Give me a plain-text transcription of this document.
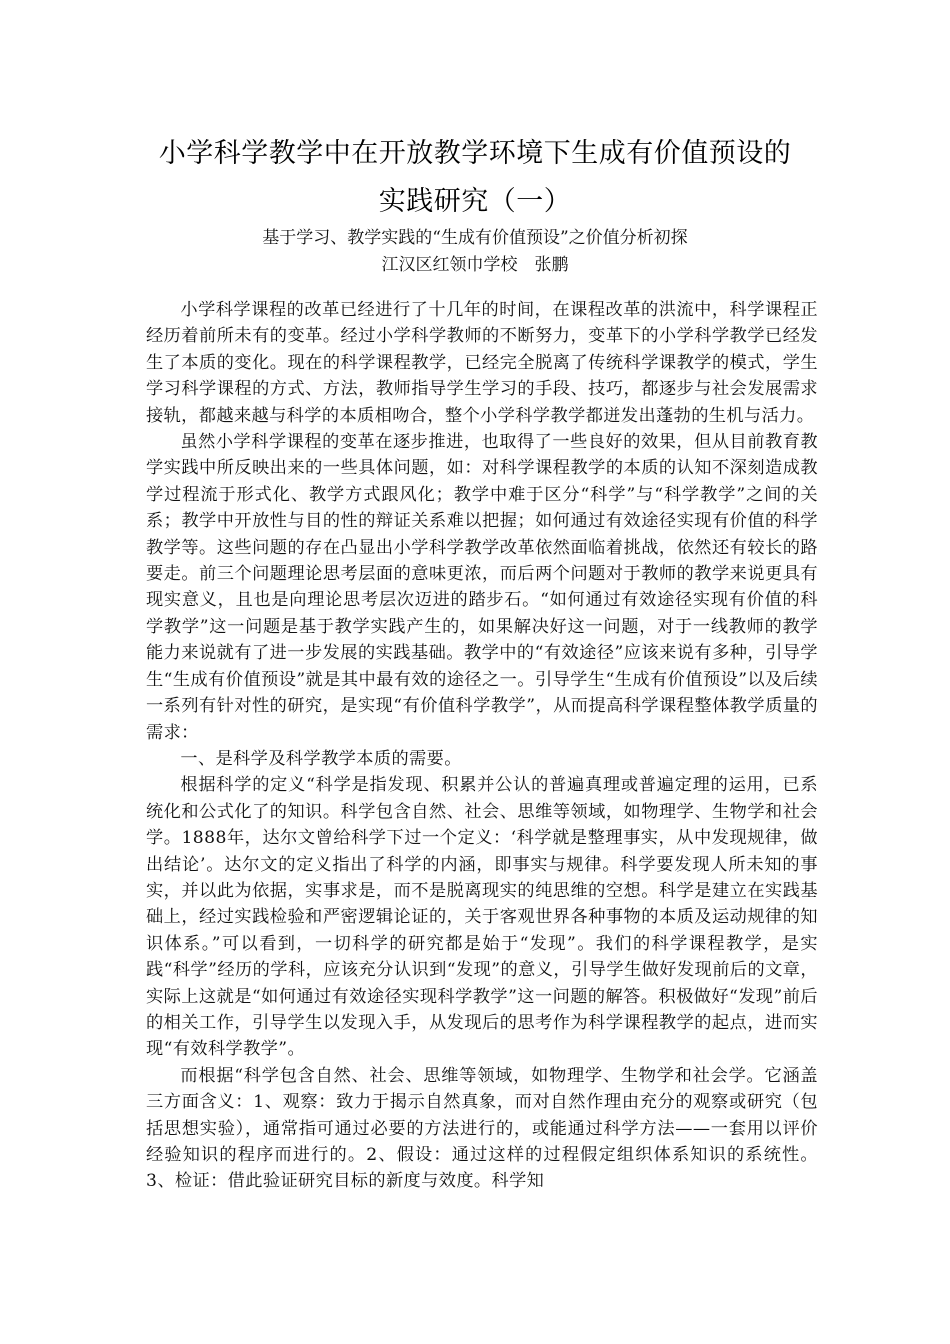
小学科学教学中在开放教学环境下生成有价值预设的
实践研究（一）
基于学习、教学实践的“生成有价值预设”之价值分析初探
江汉区红领巾学校　张鹏

小学科学课程的改革已经进行了十几年的时间，在课程改革的洪流中，科学课程正经历着前所未有的变革。经过小学科学教师的不断努力，变革下的小学科学教学已经发生了本质的变化。现在的科学课程教学，已经完全脱离了传统科学课教学的模式，学生学习科学课程的方式、方法，教师指导学生学习的手段、技巧，都逐步与社会发展需求接轨，都越来越与科学的本质相吻合，整个小学科学教学都迸发出蓬勃的生机与活力。

虽然小学科学课程的变革在逐步推进，也取得了一些良好的效果，但从目前教育教学实践中所反映出来的一些具体问题，如：对科学课程教学的本质的认知不深刻造成教学过程流于形式化、教学方式跟风化；教学中难于区分“科学”与“科学教学”之间的关系；教学中开放性与目的性的辩证关系难以把握；如何通过有效途径实现有价值的科学教学等。这些问题的存在凸显出小学科学教学改革依然面临着挑战，依然还有较长的路要走。前三个问题理论思考层面的意味更浓，而后两个问题对于教师的教学来说更具有现实意义，且也是向理论思考层次迈进的踏步石。“如何通过有效途径实现有价值的科学教学”这一问题是基于教学实践产生的，如果解决好这一问题，对于一线教师的教学能力来说就有了进一步发展的实践基础。教学中的“有效途径”应该来说有多种，引导学生“生成有价值预设”就是其中最有效的途径之一。引导学生“生成有价值预设”以及后续一系列有针对性的研究，是实现“有价值科学教学”，从而提高科学课程整体教学质量的需求：

一、是科学及科学教学本质的需要。

根据科学的定义“科学是指发现、积累并公认的普遍真理或普遍定理的运用，已系统化和公式化了的知识。科学包含自然、社会、思维等领域，如物理学、生物学和社会学。1888年，达尔文曾给科学下过一个定义：‘科学就是整理事实，从中发现规律，做出结论’。达尔文的定义指出了科学的内涵，即事实与规律。科学要发现人所未知的事实，并以此为依据，实事求是，而不是脱离现实的纯思维的空想。科学是建立在实践基础上，经过实践检验和严密逻辑论证的，关于客观世界各种事物的本质及运动规律的知识体系。”可以看到，一切科学的研究都是始于“发现”。我们的科学课程教学，是实践“科学”经历的学科，应该充分认识到“发现”的意义，引导学生做好发现前后的文章，实际上这就是“如何通过有效途径实现科学教学”这一问题的解答。积极做好“发现”前后的相关工作，引导学生以发现入手，从发现后的思考作为科学课程教学的起点，进而实现“有效科学教学”。

而根据“科学包含自然、社会、思维等领域，如物理学、生物学和社会学。它涵盖三方面含义：1、观察：致力于揭示自然真象，而对自然作理由充分的观察或研究（包括思想实验），通常指可通过必要的方法进行的，或能通过科学方法——一套用以评价经验知识的程序而进行的。2、假设：通过这样的过程假定组织体系知识的系统性。3、检证：借此验证研究目标的新度与效度。科学知
